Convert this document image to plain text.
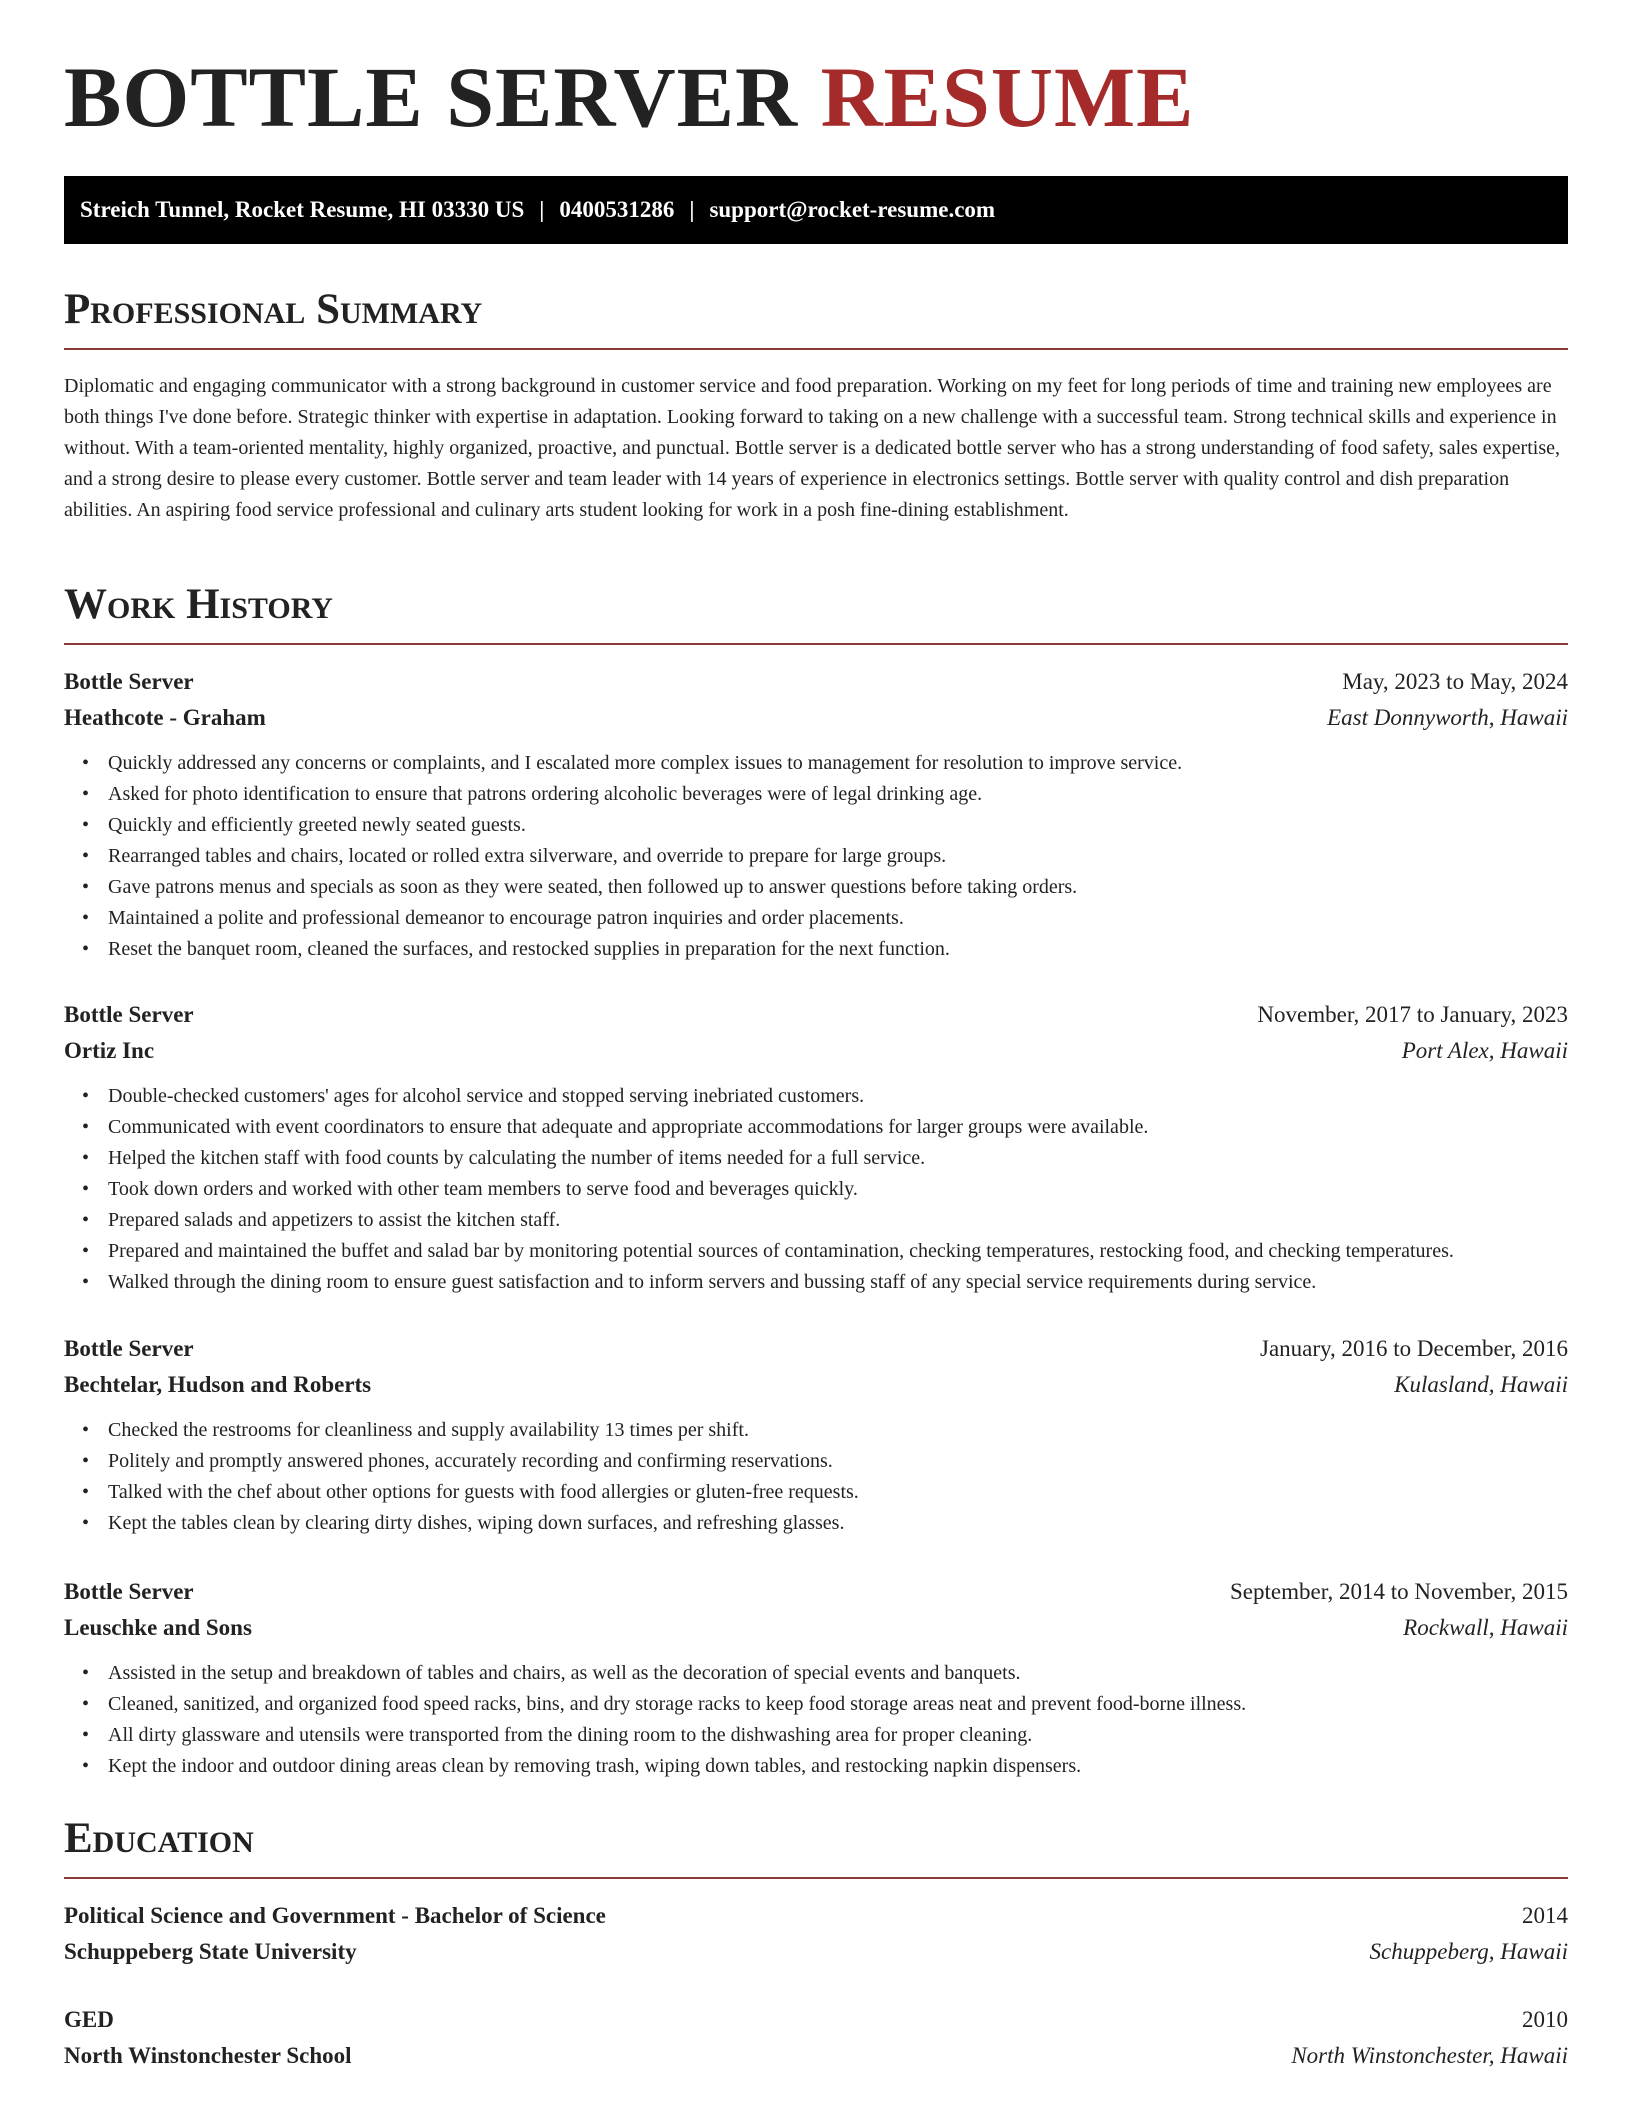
BOTTLE SERVER RESUME
Streich Tunnel, Rocket Resume, HI 03330 US | 0400531286 | support@rocket-resume.com
Professional Summary

Diplomatic and engaging communicator with a strong background in customer service and food preparation. Working on my feet for long periods of time and training new employees are both things I've done before. Strategic thinker with expertise in adaptation. Looking forward to taking on a new challenge with a successful team. Strong technical skills and experience in without. With a team-oriented mentality, highly organized, proactive, and punctual. Bottle server is a dedicated bottle server who has a strong understanding of food safety, sales expertise, and a strong desire to please every customer. Bottle server and team leader with 14 years of experience in electronics settings. Bottle server with quality control and dish preparation abilities. An aspiring food service professional and culinary arts student looking for work in a posh fine-dining establishment.

Work History
Bottle Server	May, 2023 to May, 2024
Heathcote - Graham	East Donnyworth, Hawaii
• Quickly addressed any concerns or complaints, and I escalated more complex issues to management for resolution to improve service.
• Asked for photo identification to ensure that patrons ordering alcoholic beverages were of legal drinking age.
• Quickly and efficiently greeted newly seated guests.
• Rearranged tables and chairs, located or rolled extra silverware, and override to prepare for large groups.
• Gave patrons menus and specials as soon as they were seated, then followed up to answer questions before taking orders.
• Maintained a polite and professional demeanor to encourage patron inquiries and order placements.
• Reset the banquet room, cleaned the surfaces, and restocked supplies in preparation for the next function.
Bottle Server	November, 2017 to January, 2023
Ortiz Inc	Port Alex, Hawaii
• Double-checked customers' ages for alcohol service and stopped serving inebriated customers.
• Communicated with event coordinators to ensure that adequate and appropriate accommodations for larger groups were available.
• Helped the kitchen staff with food counts by calculating the number of items needed for a full service.
• Took down orders and worked with other team members to serve food and beverages quickly.
• Prepared salads and appetizers to assist the kitchen staff.
• Prepared and maintained the buffet and salad bar by monitoring potential sources of contamination, checking temperatures, restocking food, and checking temperatures.
• Walked through the dining room to ensure guest satisfaction and to inform servers and bussing staff of any special service requirements during service.
Bottle Server	January, 2016 to December, 2016
Bechtelar, Hudson and Roberts	Kulasland, Hawaii
• Checked the restrooms for cleanliness and supply availability 13 times per shift.
• Politely and promptly answered phones, accurately recording and confirming reservations.
• Talked with the chef about other options for guests with food allergies or gluten-free requests.
• Kept the tables clean by clearing dirty dishes, wiping down surfaces, and refreshing glasses.
Bottle Server	September, 2014 to November, 2015
Leuschke and Sons	Rockwall, Hawaii
• Assisted in the setup and breakdown of tables and chairs, as well as the decoration of special events and banquets.
• Cleaned, sanitized, and organized food speed racks, bins, and dry storage racks to keep food storage areas neat and prevent food-borne illness.
• All dirty glassware and utensils were transported from the dining room to the dishwashing area for proper cleaning.
• Kept the indoor and outdoor dining areas clean by removing trash, wiping down tables, and restocking napkin dispensers.
Education
Political Science and Government - Bachelor of Science	2014
Schuppeberg State University	Schuppeberg, Hawaii
GED	2010
North Winstonchester School	North Winstonchester, Hawaii
